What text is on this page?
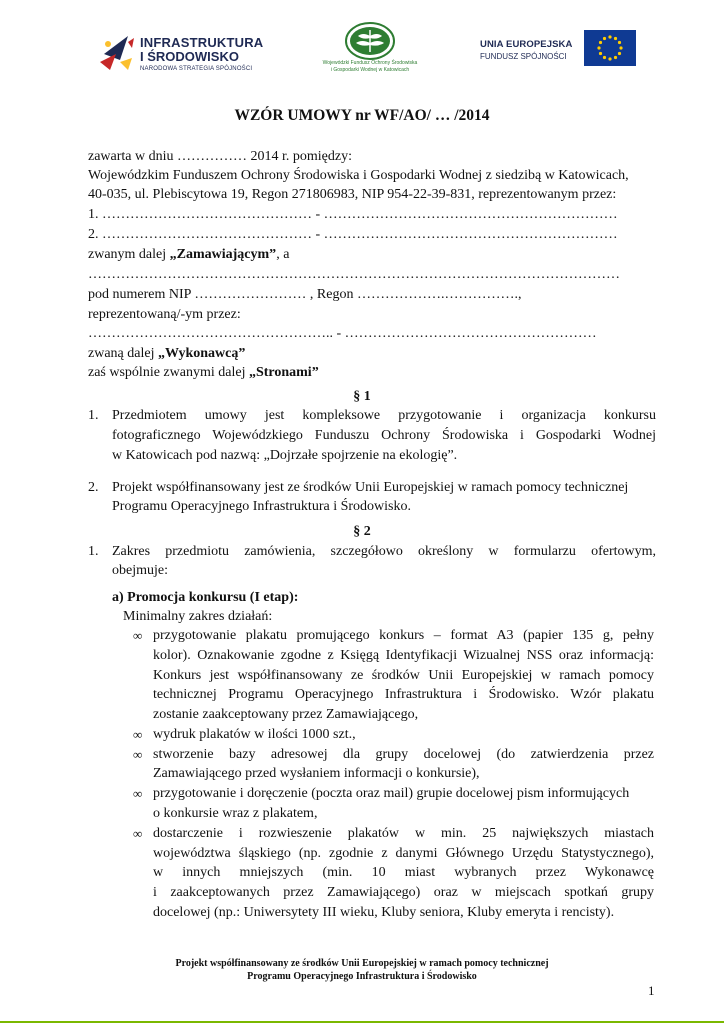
INFRASTRUKTURA
I ŚRODOWISKO
NARODOWA STRATEGIA SPÓJNOŚCI
Wojewódzki Fundusz Ochrony Środowiska
i Gospodarki Wodnej w Katowicach
UNIA EUROPEJSKA
FUNDUSZ SPÓJNOŚCI
WZÓR UMOWY nr WF/AO/ … /2014
zawarta w dniu …………… 2014 r. pomiędzy:
Wojewódzkim Funduszem Ochrony Środowiska i Gospodarki Wodnej z siedzibą w Katowicach,
40-035, ul. Plebiscytowa 19, Regon 271806983, NIP 954-22-39-831, reprezentowanym przez:
1. ……………………………………… - ………………………………………………………
2. ……………………………………… - ………………………………………………………
zwanym dalej „Zamawiającym”, a
……………………………………………………………………………………………………
pod numerem NIP …………………… , Regon ……………….…………….,
reprezentowaną/-ym przez:
…………………………………………….. - ………………………………………………
zwaną dalej „Wykonawcą”
zaś wspólnie zwanymi dalej „Stronami”
§ 1
1. Przedmiotem umowy jest kompleksowe przygotowanie i organizacja konkursu
fotograficznego Wojewódzkiego Funduszu Ochrony Środowiska i Gospodarki Wodnej
w Katowicach pod nazwą: „Dojrzałe spojrzenie na ekologię”.
2. Projekt współfinansowany jest ze środków Unii Europejskiej w ramach pomocy technicznej
Programu Operacyjnego Infrastruktura i Środowisko.
§ 2
1. Zakres przedmiotu zamówienia, szczegółowo określony w formularzu ofertowym,
obejmuje:
a) Promocja konkursu (I etap):
Minimalny zakres działań:
∞ przygotowanie plakatu promującego konkurs – format A3 (papier 135 g, pełny
kolor). Oznakowanie zgodne z Księgą Identyfikacji Wizualnej NSS oraz informacją:
Konkurs jest współfinansowany ze środków Unii Europejskiej w ramach pomocy
technicznej Programu Operacyjnego Infrastruktura i Środowisko. Wzór plakatu
zostanie zaakceptowany przez Zamawiającego,
∞ wydruk plakatów w ilości 1000 szt.,
∞ stworzenie bazy adresowej dla grupy docelowej (do zatwierdzenia przez
Zamawiającego przed wysłaniem informacji o konkursie),
∞ przygotowanie i doręczenie (poczta oraz mail) grupie docelowej pism informujących
o konkursie wraz z plakatem,
∞ dostarczenie i rozwieszenie plakatów w min. 25 największych miastach
województwa śląskiego (np. zgodnie z danymi Głównego Urzędu Statystycznego),
w innych mniejszych (min. 10 miast wybranych przez Wykonawcę
i zaakceptowanych przez Zamawiającego) oraz w miejscach spotkań grupy
docelowej (np.: Uniwersytety III wieku, Kluby seniora, Kluby emeryta i rencisty).
Projekt współfinansowany ze środków Unii Europejskiej w ramach pomocy technicznej
Programu Operacyjnego Infrastruktura i Środowisko
1
